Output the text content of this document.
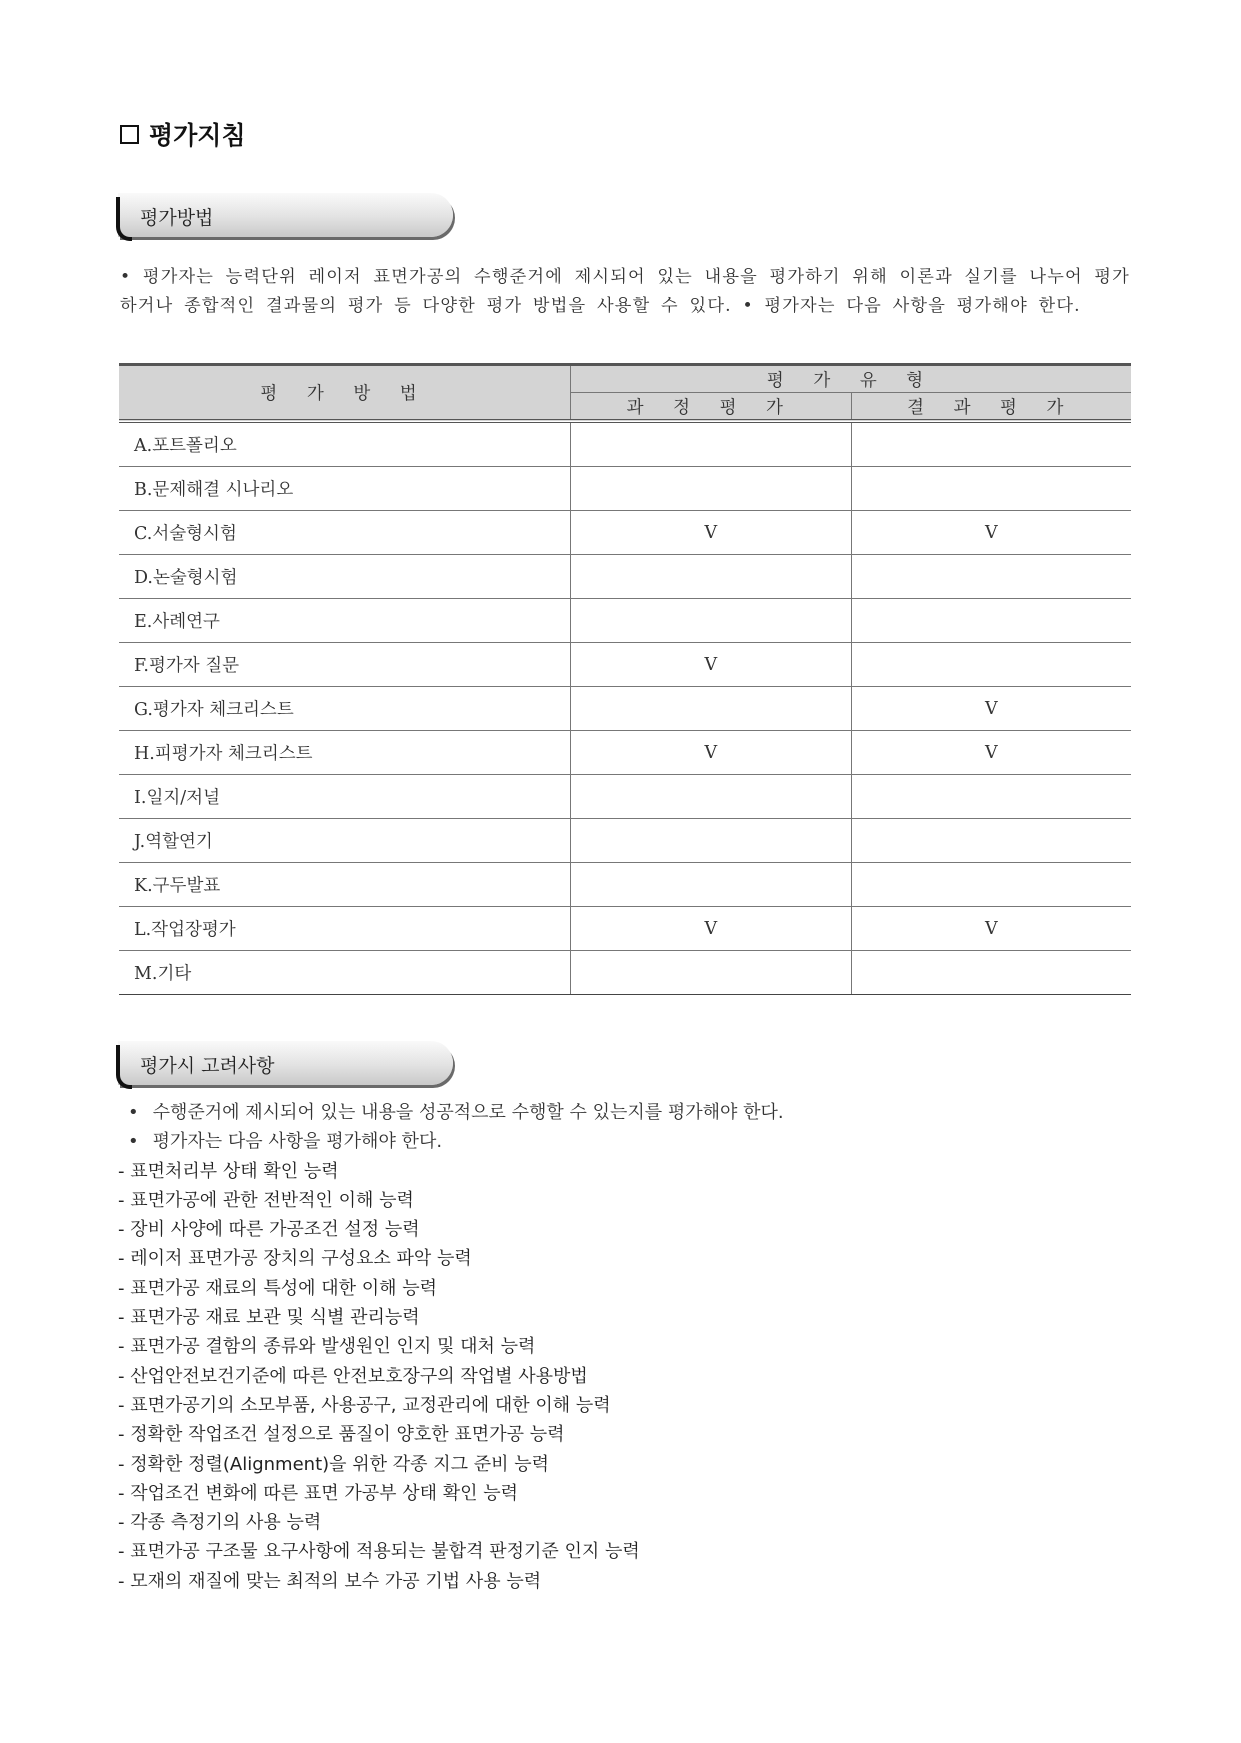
평가지침
평가방법
• 평가자는 능력단위 레이저 표면가공의 수행준거에 제시되어 있는 내용을 평가하기 위해 이론과 실기를 나누어 평가하거나 종합적인 결과물의 평가 등 다양한 평가 방법을 사용할 수 있다. • 평가자는 다음 사항을 평가해야 한다.
평 가 방 법	평 가 유 형	
	과 정 평 가	결 과 평 가
A.포트폴리오		
B.문제해결 시나리오		
C.서술형시험	V	V
D.논술형시험		
E.사례연구		
F.평가자 질문	V	
G.평가자 체크리스트		V
H.피평가자 체크리스트	V	V
I.일지/저널		
J.역할연기		
K.구두발표		
L.작업장평가	V	V
M.기타		
평가시 고려사항
• 수행준거에 제시되어 있는 내용을 성공적으로 수행할 수 있는지를 평가해야 한다.
• 평가자는 다음 사항을 평가해야 한다.
- 표면처리부 상태 확인 능력
- 표면가공에 관한 전반적인 이해 능력
- 장비 사양에 따른 가공조건 설정 능력
- 레이저 표면가공 장치의 구성요소 파악 능력
- 표면가공 재료의 특성에 대한 이해 능력
- 표면가공 재료 보관 및 식별 관리능력
- 표면가공 결함의 종류와 발생원인 인지 및 대처 능력
- 산업안전보건기준에 따른 안전보호장구의 작업별 사용방법
- 표면가공기의 소모부품, 사용공구, 교정관리에 대한 이해 능력
- 정확한 작업조건 설정으로 품질이 양호한 표면가공 능력
- 정확한 정렬(Alignment)을 위한 각종 지그 준비 능력
- 작업조건 변화에 따른 표면 가공부 상태 확인 능력
- 각종 측정기의 사용 능력
- 표면가공 구조물 요구사항에 적용되는 불합격 판정기준 인지 능력
- 모재의 재질에 맞는 최적의 보수 가공 기법 사용 능력
